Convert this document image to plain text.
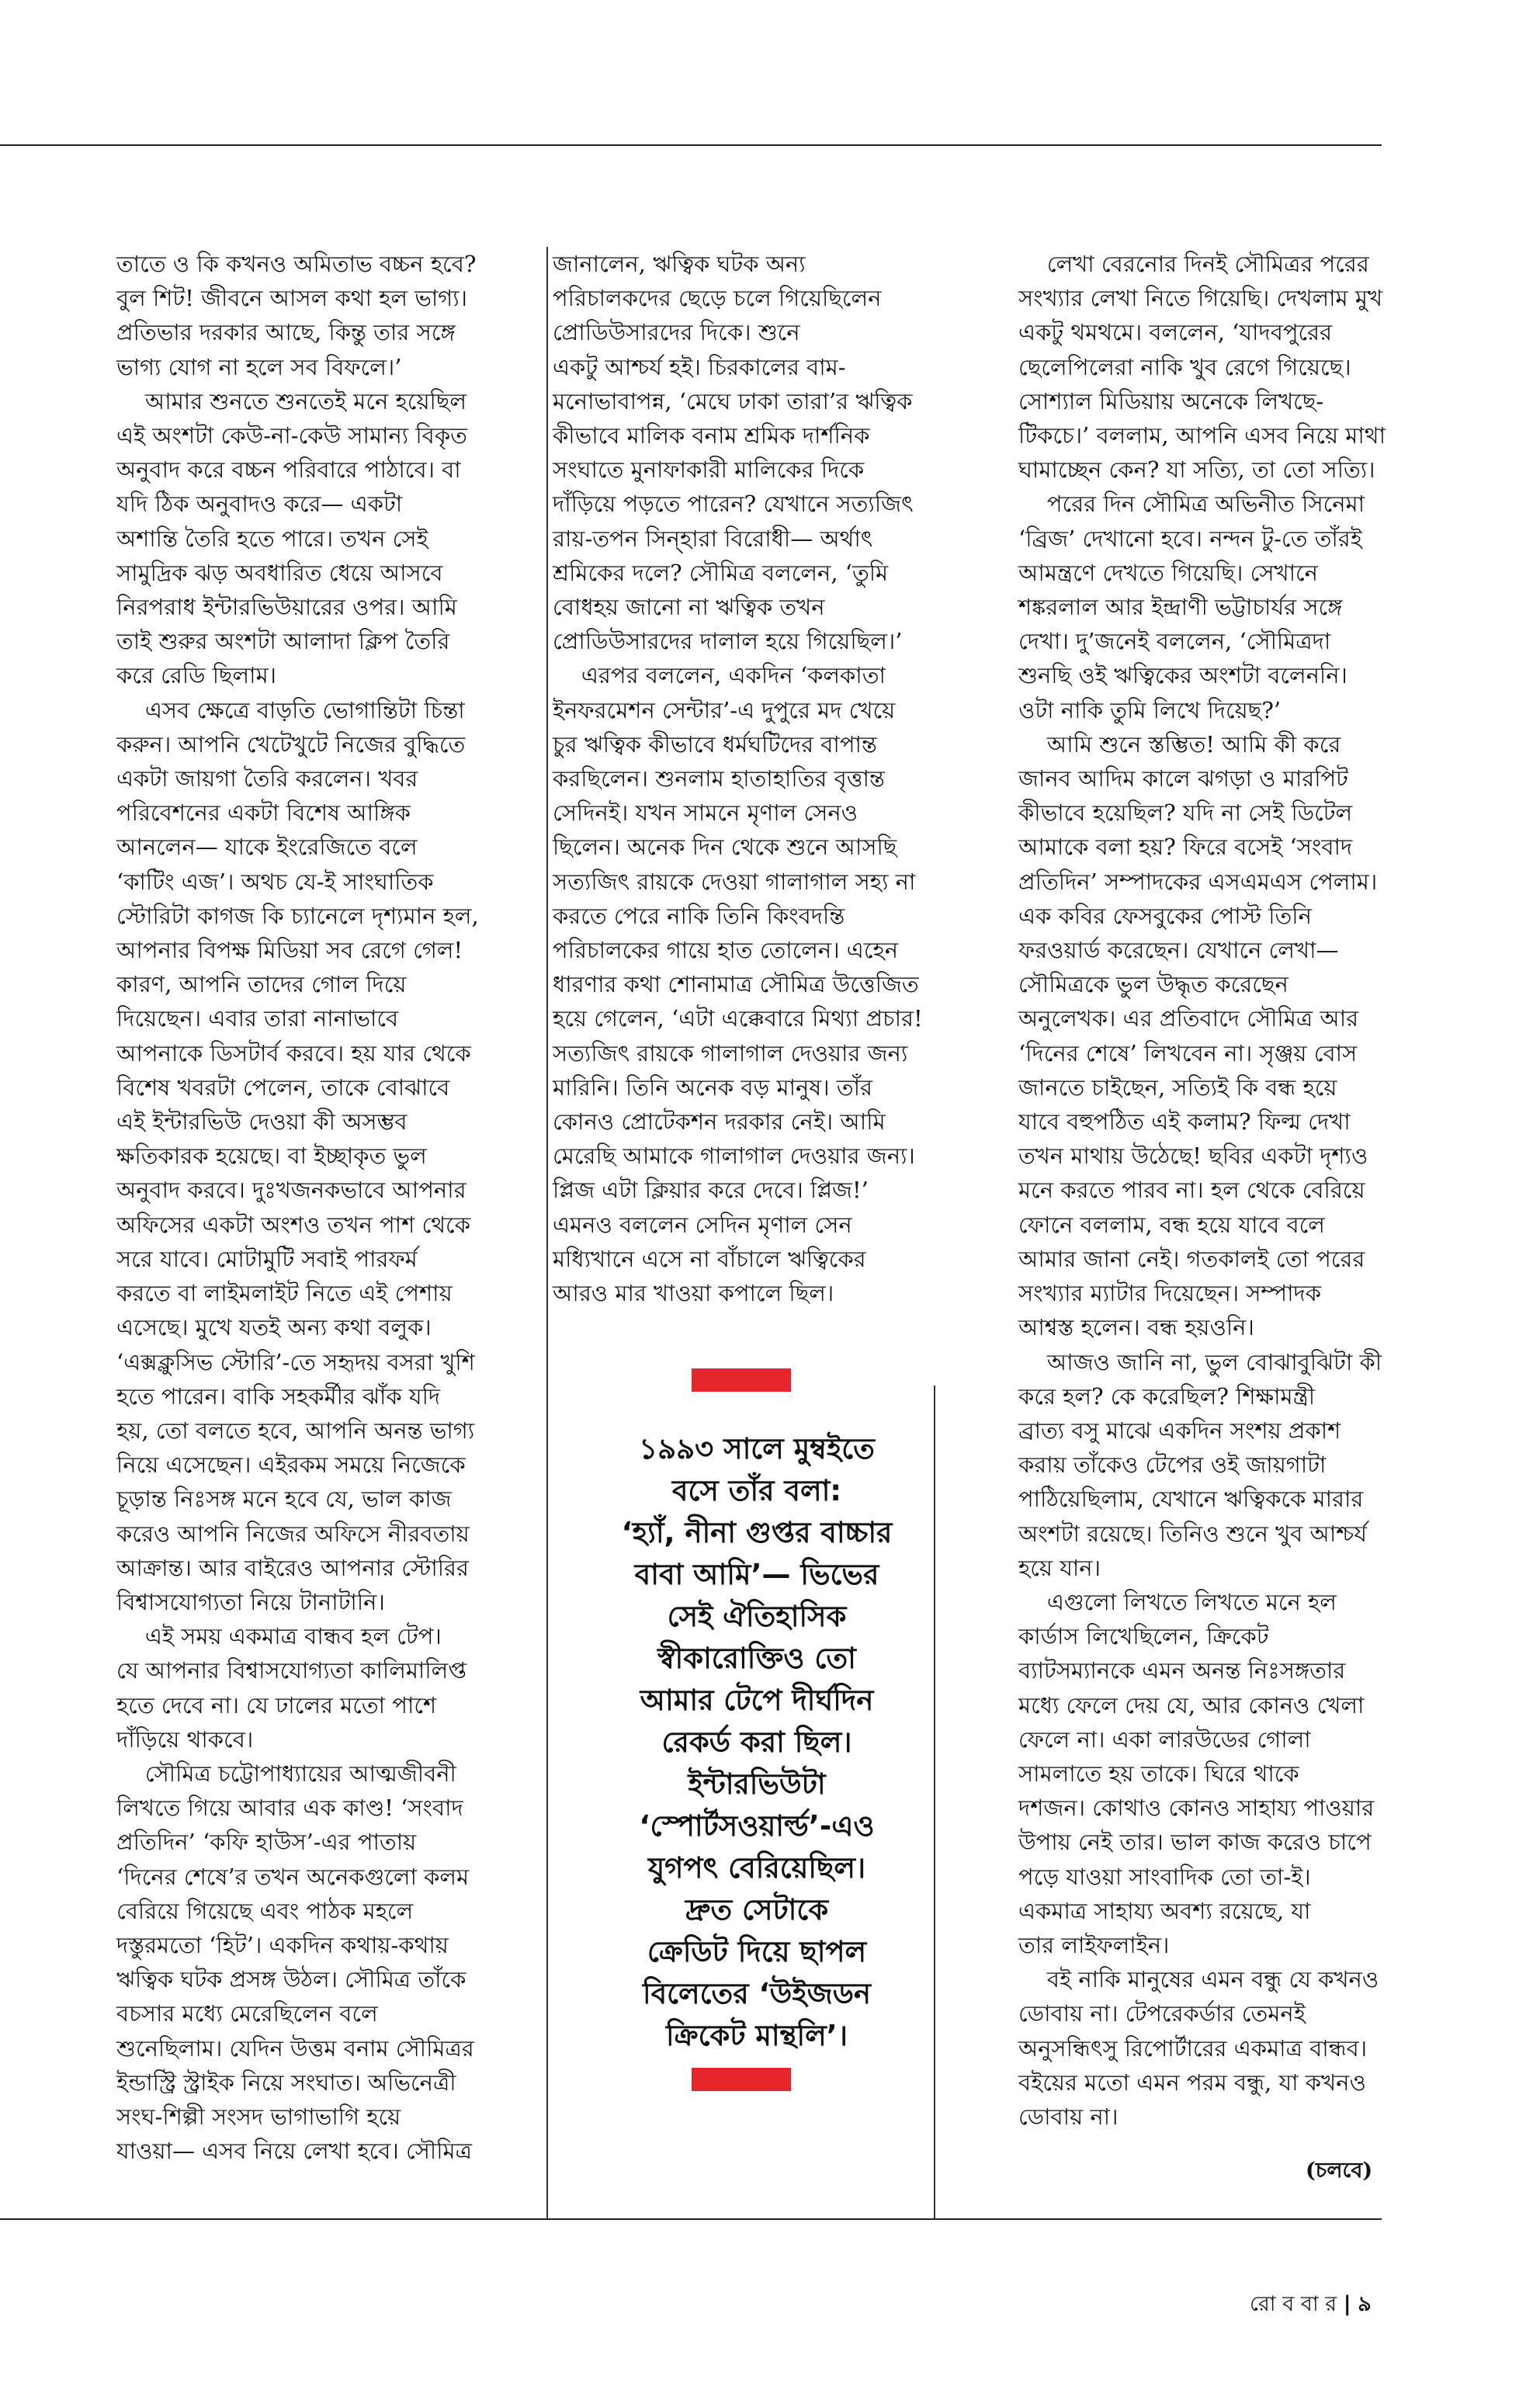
তাতে ও কি কখনও অমিতাভ বচ্চন হবে?
বুল শিট! জীবনে আসল কথা হল ভাগ্য।
প্রতিভার দরকার আছে, কিন্তু তার সঙ্গে
ভাগ্য যোগ না হলে সব বিফলে।’
আমার শুনতে শুনতেই মনে হয়েছিল
এই অংশটা কেউ-না-কেউ সামান্য বিকৃত
অনুবাদ করে বচ্চন পরিবারে পাঠাবে। বা
যদি ঠিক অনুবাদও করে— একটা
অশান্তি তৈরি হতে পারে। তখন সেই
সামুদ্রিক ঝড় অবধারিত ধেয়ে আসবে
নিরপরাধ ইন্টারভিউয়ারের ওপর। আমি
তাই শুরুর অংশটা আলাদা ক্লিপ তৈরি
করে রেডি ছিলাম।
এসব ক্ষেত্রে বাড়তি ভোগান্তিটা চিন্তা
করুন। আপনি খেটেখুটে নিজের বুদ্ধিতে
একটা জায়গা তৈরি করলেন। খবর
পরিবেশনের একটা বিশেষ আঙ্গিক
আনলেন— যাকে ইংরেজিতে বলে
‘কাটিং এজ’। অথচ যে-ই সাংঘাতিক
স্টোরিটা কাগজ কি চ্যানেলে দৃশ্যমান হল,
আপনার বিপক্ষ মিডিয়া সব রেগে গেল!
কারণ, আপনি তাদের গোল দিয়ে
দিয়েছেন। এবার তারা নানাভাবে
আপনাকে ডিসটার্ব করবে। হয় যার থেকে
বিশেষ খবরটা পেলেন, তাকে বোঝাবে
এই ইন্টারভিউ দেওয়া কী অসম্ভব
ক্ষতিকারক হয়েছে। বা ইচ্ছাকৃত ভুল
অনুবাদ করবে। দুঃখজনকভাবে আপনার
অফিসের একটা অংশও তখন পাশ থেকে
সরে যাবে। মোটামুটি সবাই পারফর্ম
করতে বা লাইমলাইট নিতে এই পেশায়
এসেছে। মুখে যতই অন্য কথা বলুক।
‘এক্সক্লুসিভ স্টোরি’-তে সহৃদয় বসরা খুশি
হতে পারেন। বাকি সহকর্মীর ঝাঁক যদি
হয়, তো বলতে হবে, আপনি অনন্ত ভাগ্য
নিয়ে এসেছেন। এইরকম সময়ে নিজেকে
চূড়ান্ত নিঃসঙ্গ মনে হবে যে, ভাল কাজ
করেও আপনি নিজের অফিসে নীরবতায়
আক্রান্ত। আর বাইরেও আপনার স্টোরির
বিশ্বাসযোগ্যতা নিয়ে টানাটানি।
এই সময় একমাত্র বান্ধব হল টেপ।
যে আপনার বিশ্বাসযোগ্যতা কালিমালিপ্ত
হতে দেবে না। যে ঢালের মতো পাশে
দাঁড়িয়ে থাকবে।
সৌমিত্র চট্টোপাধ্যায়ের আত্মজীবনী
লিখতে গিয়ে আবার এক কাণ্ড! ‘সংবাদ
প্রতিদিন’ ‘কফি হাউস’-এর পাতায়
‘দিনের শেষে’র তখন অনেকগুলো কলম
বেরিয়ে গিয়েছে এবং পাঠক মহলে
দস্তুরমতো ‘হিট’। একদিন কথায়-কথায়
ঋত্বিক ঘটক প্রসঙ্গ উঠল। সৌমিত্র তাঁকে
বচসার মধ্যে মেরেছিলেন বলে
শুনেছিলাম। যেদিন উত্তম বনাম সৌমিত্রর
ইন্ডাস্ট্রি স্ট্রাইক নিয়ে সংঘাত। অভিনেত্রী
সংঘ-শিল্পী সংসদ ভাগাভাগি হয়ে
যাওয়া— এসব নিয়ে লেখা হবে। সৌমিত্র
জানালেন, ঋত্বিক ঘটক অন্য
পরিচালকদের ছেড়ে চলে গিয়েছিলেন
প্রোডিউসারদের দিকে। শুনে
একটু আশ্চর্য হই। চিরকালের বাম-
মনোভাবাপন্ন, ‘মেঘে ঢাকা তারা’র ঋত্বিক
কীভাবে মালিক বনাম শ্রমিক দার্শনিক
সংঘাতে মুনাফাকারী মালিকের দিকে
দাঁড়িয়ে পড়তে পারেন? যেখানে সত্যজিৎ
রায়-তপন সিন্‌হারা বিরোধী— অর্থাৎ
শ্রমিকের দলে? সৌমিত্র বললেন, ‘তুমি
বোধহয় জানো না ঋত্বিক তখন
প্রোডিউসারদের দালাল হয়ে গিয়েছিল।’
এরপর বললেন, একদিন ‘কলকাতা
ইনফরমেশন সেন্টার’-এ দুপুরে মদ খেয়ে
চুর ঋত্বিক কীভাবে ধর্মঘটিদের বাপান্ত
করছিলেন। শুনলাম হাতাহাতির বৃত্তান্ত
সেদিনই। যখন সামনে মৃণাল সেনও
ছিলেন। অনেক দিন থেকে শুনে আসছি
সত্যজিৎ রায়কে দেওয়া গালাগাল সহ্য না
করতে পেরে নাকি তিনি কিংবদন্তি
পরিচালকের গায়ে হাত তোলেন। এহেন
ধারণার কথা শোনামাত্র সৌমিত্র উত্তেজিত
হয়ে গেলেন, ‘এটা এক্কেবারে মিথ্যা প্রচার!
সত্যজিৎ রায়কে গালাগাল দেওয়ার জন্য
মারিনি। তিনি অনেক বড় মানুষ। তাঁর
কোনও প্রোটেকশন দরকার নেই। আমি
মেরেছি আমাকে গালাগাল দেওয়ার জন্য।
প্লিজ এটা ক্লিয়ার করে দেবে। প্লিজ!’
এমনও বললেন সেদিন মৃণাল সেন
মধ্যিখানে এসে না বাঁচালে ঋত্বিকের
আরও মার খাওয়া কপালে ছিল।
১৯৯৩ সালে মুম্বইতে
বসে তাঁর বলা:
‘হ্যাঁ, নীনা গুপ্তর বাচ্চার
বাবা আমি’— ভিভের
সেই ঐতিহাসিক
স্বীকারোক্তিও তো
আমার টেপে দীর্ঘদিন
রেকর্ড করা ছিল।
ইন্টারভিউটা
‘স্পোর্টসওয়ার্ল্ড’-এও
যুগপৎ বেরিয়েছিল।
দ্রুত সেটাকে
ক্রেডিট দিয়ে ছাপল
বিলেতের ‘উইজডন
ক্রিকেট মান্থলি’।
লেখা বেরনোর দিনই সৌমিত্রর পরের
সংখ্যার লেখা নিতে গিয়েছি। দেখলাম মুখ
একটু থমথমে। বললেন, ‘যাদবপুরের
ছেলেপিলেরা নাকি খুব রেগে গিয়েছে।
সোশ্যাল মিডিয়ায় অনেকে লিখছে-
টিকচে।’ বললাম, আপনি এসব নিয়ে মাথা
ঘামাচ্ছেন কেন? যা সত্যি, তা তো সত্যি।
পরের দিন সৌমিত্র অভিনীত সিনেমা
‘ব্রিজ’ দেখানো হবে। নন্দন টু-তে তাঁরই
আমন্ত্রণে দেখতে গিয়েছি। সেখানে
শঙ্করলাল আর ইন্দ্রাণী ভট্টাচার্যর সঙ্গে
দেখা। দু’জনেই বললেন, ‘সৌমিত্রদা
শুনছি ওই ঋত্বিকের অংশটা বলেননি।
ওটা নাকি তুমি লিখে দিয়েছ?’
আমি শুনে স্তম্ভিত! আমি কী করে
জানব আদিম কালে ঝগড়া ও মারপিট
কীভাবে হয়েছিল? যদি না সেই ডিটেল
আমাকে বলা হয়? ফিরে বসেই ‘সংবাদ
প্রতিদিন’ সম্পাদকের এসএমএস পেলাম।
এক কবির ফেসবুকের পোস্ট তিনি
ফরওয়ার্ড করেছেন। যেখানে লেখা—
সৌমিত্রকে ভুল উদ্ধৃত করেছেন
অনুলেখক। এর প্রতিবাদে সৌমিত্র আর
‘দিনের শেষে’ লিখবেন না। সৃঞ্জয় বোস
জানতে চাইছেন, সত্যিই কি বন্ধ হয়ে
যাবে বহুপঠিত এই কলাম? ফিল্ম দেখা
তখন মাথায় উঠেছে! ছবির একটা দৃশ্যও
মনে করতে পারব না। হল থেকে বেরিয়ে
ফোনে বললাম, বন্ধ হয়ে যাবে বলে
আমার জানা নেই। গতকালই তো পরের
সংখ্যার ম্যাটার দিয়েছেন। সম্পাদক
আশ্বস্ত হলেন। বন্ধ হয়ওনি।
আজও জানি না, ভুল বোঝাবুঝিটা কী
করে হল? কে করেছিল? শিক্ষামন্ত্রী
ব্রাত্য বসু মাঝে একদিন সংশয় প্রকাশ
করায় তাঁকেও টেপের ওই জায়গাটা
পাঠিয়েছিলাম, যেখানে ঋত্বিককে মারার
অংশটা রয়েছে। তিনিও শুনে খুব আশ্চর্য
হয়ে যান।
এগুলো লিখতে লিখতে মনে হল
কার্ডাস লিখেছিলেন, ক্রিকেট
ব্যাটসম্যানকে এমন অনন্ত নিঃসঙ্গতার
মধ্যে ফেলে দেয় যে, আর কোনও খেলা
ফেলে না। একা লারউডের গোলা
সামলাতে হয় তাকে। ঘিরে থাকে
দশজন। কোথাও কোনও সাহায্য পাওয়ার
উপায় নেই তার। ভাল কাজ করেও চাপে
পড়ে যাওয়া সাংবাদিক তো তা-ই।
একমাত্র সাহায্য অবশ্য রয়েছে, যা
তার লাইফলাইন।
বই নাকি মানুষের এমন বন্ধু যে কখনও
ডোবায় না। টেপরেকর্ডার তেমনই
অনুসন্ধিৎসু রিপোর্টারের একমাত্র বান্ধব।
বইয়ের মতো এমন পরম বন্ধু, যা কখনও
ডোবায় না।
(চলবে)
রো ব বা র | ৯
